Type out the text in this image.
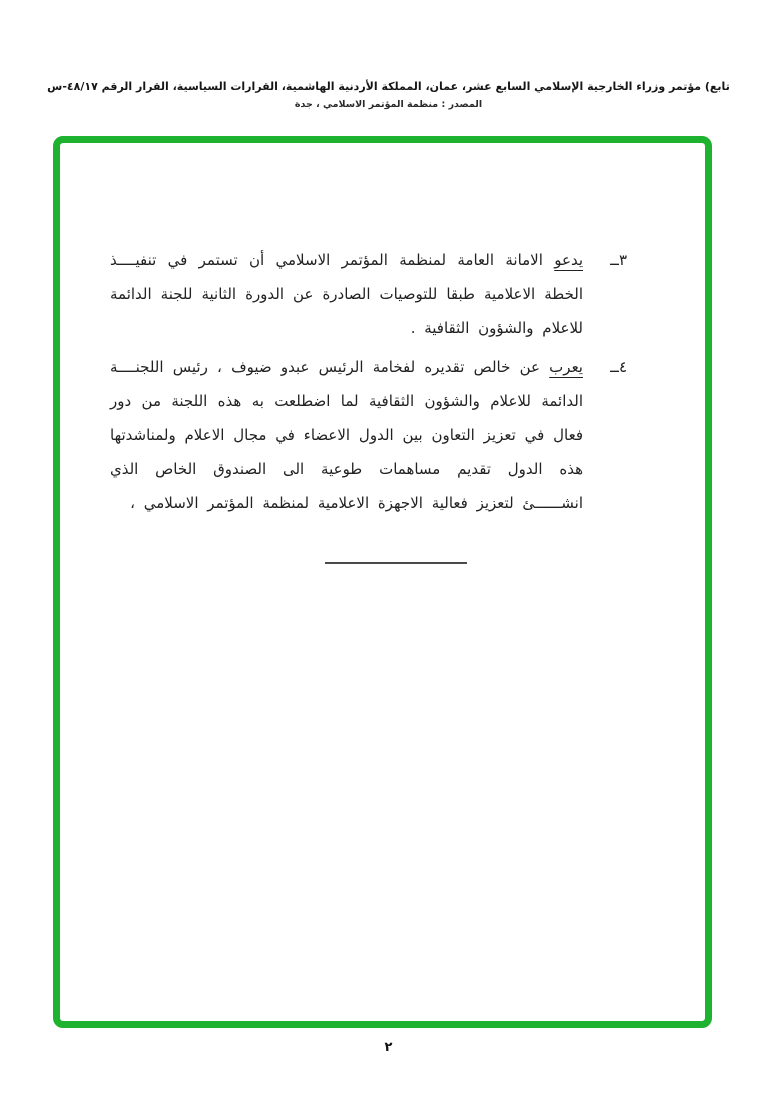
تابع) مؤتمر وزراء الخارجية الإسلامي السابع عشر، عمان، المملكة الأردنية الهاشمية، القرارات السياسية، القرار الرقم ٤٨/١٧-س
المصدر : منظمة المؤتمر الاسلامي ، جدة
٣ــ
يدعو الامانة العامة لمنظمة المؤتمر الاسلامي أن تستمر في تنفيــــذ الخطة الاعلامية طبقا للتوصيات الصادرة عن الدورة الثانية للجنة الدائمة للاعلام والشؤون الثقافية .
٤ــ
يعرب عن خالص تقديره لفخامة الرئيس عبدو ضيوف ، رئيس اللجنــــة الدائمة للاعلام والشؤون الثقافية لما اضطلعت به هذه اللجنة من دور فعال في تعزيز التعاون بين الدول الاعضاء في مجال الاعلام ولمناشدتها هذه الدول تقديم مساهمات طوعية الى الصندوق الخاص الذي انشــــــئ لتعزيز فعالية الاجهزة الاعلامية لمنظمة المؤتمر الاسلامي ،
٢
